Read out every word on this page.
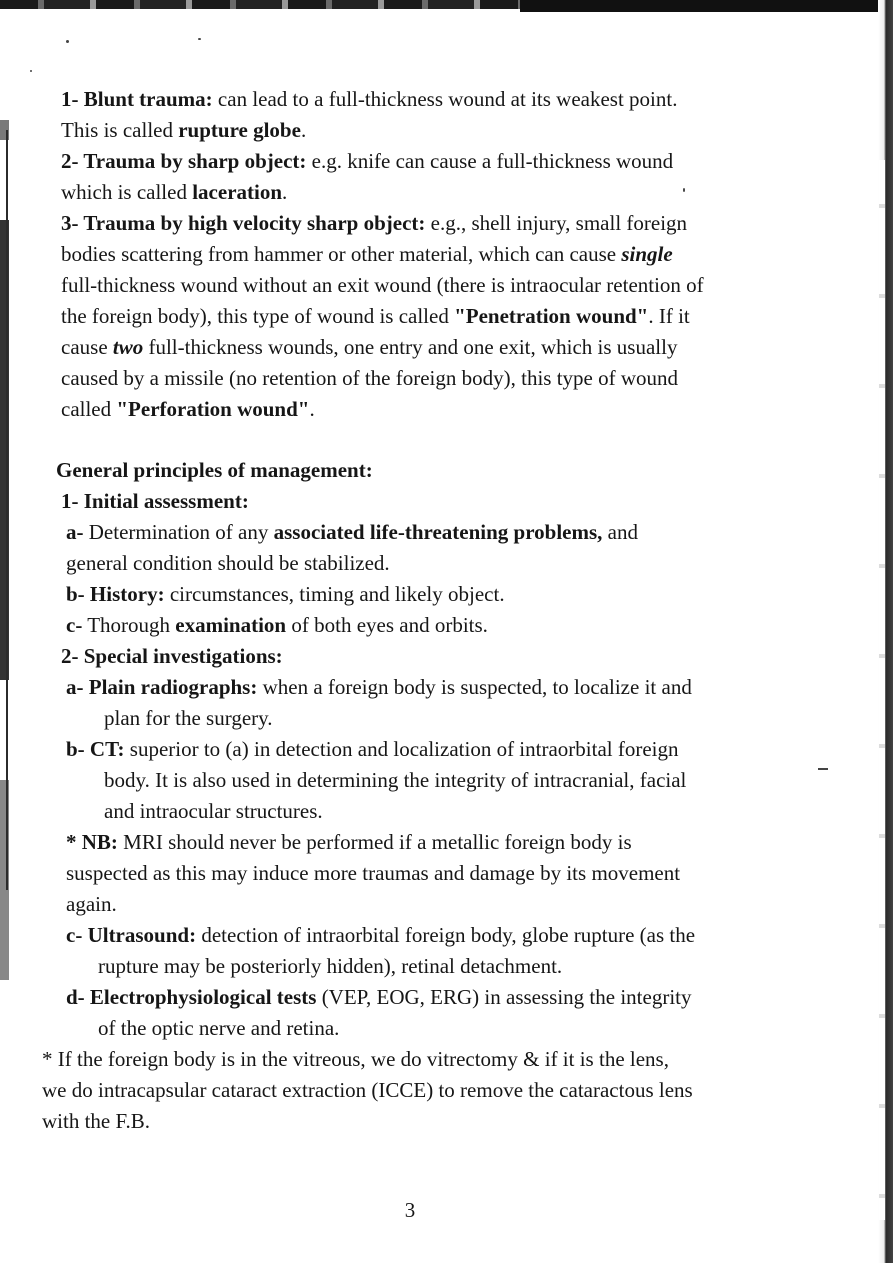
1- Blunt trauma: can lead to a full-thickness wound at its weakest point.
This is called rupture globe.
2- Trauma by sharp object: e.g. knife can cause a full-thickness wound
which is called laceration.
3- Trauma by high velocity sharp object: e.g., shell injury, small foreign
bodies scattering from hammer or other material, which can cause single
full-thickness wound without an exit wound (there is intraocular retention of
the foreign body), this type of wound is called "Penetration wound". If it
cause two full-thickness wounds, one entry and one exit, which is usually
caused by a missile (no retention of the foreign body), this type of wound
called "Perforation wound".
General principles of management:
1- Initial assessment:
a- Determination of any associated life-threatening problems, and
general condition should be stabilized.
b- History: circumstances, timing and likely object.
c- Thorough examination of both eyes and orbits.
2- Special investigations:
a- Plain radiographs: when a foreign body is suspected, to localize it and
plan for the surgery.
b- CT: superior to (a) in detection and localization of intraorbital foreign
body. It is also used in determining the integrity of intracranial, facial
and intraocular structures.
* NB: MRI should never be performed if a metallic foreign body is
suspected as this may induce more traumas and damage by its movement
again.
c- Ultrasound: detection of intraorbital foreign body, globe rupture (as the
rupture may be posteriorly hidden), retinal detachment.
d- Electrophysiological tests (VEP, EOG, ERG) in assessing the integrity
of the optic nerve and retina.
* If the foreign body is in the vitreous, we do vitrectomy & if it is the lens,
we do intracapsular cataract extraction (ICCE) to remove the cataractous lens
with the F.B.
3
